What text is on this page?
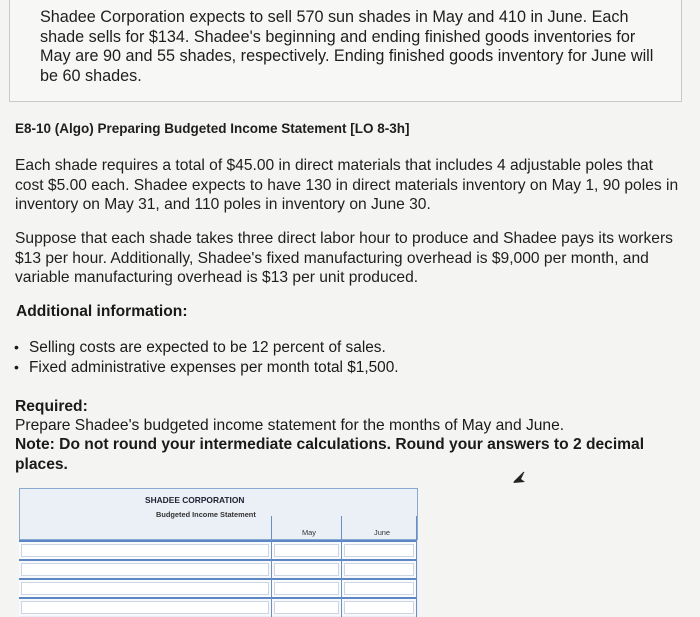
Shadee Corporation expects to sell 570 sun shades in May and 410 in June. Each shade sells for $134. Shadee's beginning and ending finished goods inventories for May are 90 and 55 shades, respectively. Ending finished goods inventory for June will be 60 shades.
E8-10 (Algo) Preparing Budgeted Income Statement [LO 8-3h]
Each shade requires a total of $45.00 in direct materials that includes 4 adjustable poles that cost $5.00 each. Shadee expects to have 130 in direct materials inventory on May 1, 90 poles in inventory on May 31, and 110 poles in inventory on June 30.
Suppose that each shade takes three direct labor hour to produce and Shadee pays its workers $13 per hour. Additionally, Shadee's fixed manufacturing overhead is $9,000 per month, and variable manufacturing overhead is $13 per unit produced.
Additional information:
• Selling costs are expected to be 12 percent of sales.
• Fixed administrative expenses per month total $1,500.
Required:
Prepare Shadee's budgeted income statement for the months of May and June.
Note: Do not round your intermediate calculations. Round your answers to 2 decimal places.
SHADEE CORPORATION
Budgeted Income Statement
May	June
